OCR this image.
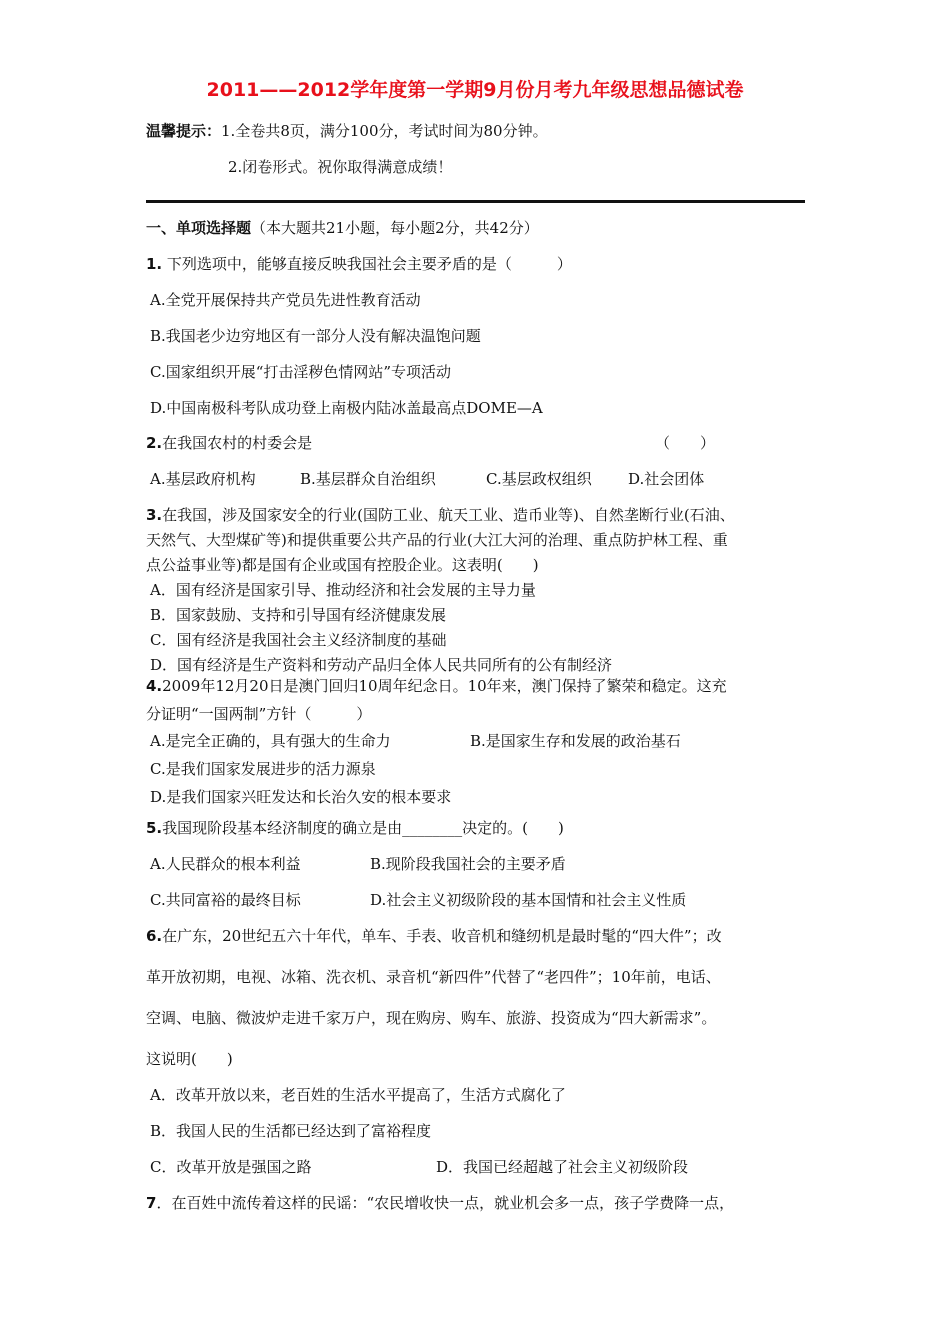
2011——2012学年度第一学期9月份月考九年级思想品德试卷
温馨提示：1.全卷共8页，满分100分，考试时间为80分钟。
2.闭卷形式。祝你取得满意成绩！
一、单项选择题（本大题共21小题，每小题2分，共42分）
1. 下列选项中，能够直接反映我国社会主要矛盾的是（　　　）
A.全党开展保持共产党员先进性教育活动
B.我国老少边穷地区有一部分人没有解决温饱问题
C.国家组织开展“打击淫秽色情网站”专项活动
D.中国南极科考队成功登上南极内陆冰盖最高点DOME—A
2.在我国农村的村委会是	（　　）
A.基层政府机构	B.基层群众自治组织	C.基层政权组织 D.社会团体
3.在我国，涉及国家安全的行业(国防工业、航天工业、造币业等)、自然垄断行业(石油、
天然气、大型煤矿等)和提供重要公共产品的行业(大江大河的治理、重点防护林工程、重
点公益事业等)都是国有企业或国有控股企业。这表明(　　)
A．国有经济是国家引导、推动经济和社会发展的主导力量
B．国家鼓励、支持和引导国有经济健康发展
C．国有经济是我国社会主义经济制度的基础
D．国有经济是生产资料和劳动产品归全体人民共同所有的公有制经济
4.2009年12月20日是澳门回归10周年纪念日。10年来，澳门保持了繁荣和稳定。这充
分证明“一国两制”方针（　　　）
A.是完全正确的，具有强大的生命力	B.是国家生存和发展的政治基石
C.是我们国家发展进步的活力源泉
D.是我们国家兴旺发达和长治久安的根本要求
5.我国现阶段基本经济制度的确立是由________决定的。(　　)
A.人民群众的根本利益	B.现阶段我国社会的主要矛盾
C.共同富裕的最终目标	D.社会主义初级阶段的基本国情和社会主义性质
6.在广东，20世纪五六十年代，单车、手表、收音机和缝纫机是最时髦的“四大件”；改
革开放初期，电视、冰箱、洗衣机、录音机“新四件”代替了“老四件”；10年前，电话、
空调、电脑、微波炉走进千家万户，现在购房、购车、旅游、投资成为“四大新需求”。
这说明(　　)
A．改革开放以来，老百姓的生活水平提高了，生活方式腐化了
B．我国人民的生活都已经达到了富裕程度
C．改革开放是强国之路	D．我国已经超越了社会主义初级阶段
7．在百姓中流传着这样的民谣：“农民增收快一点，就业机会多一点，孩子学费降一点，
